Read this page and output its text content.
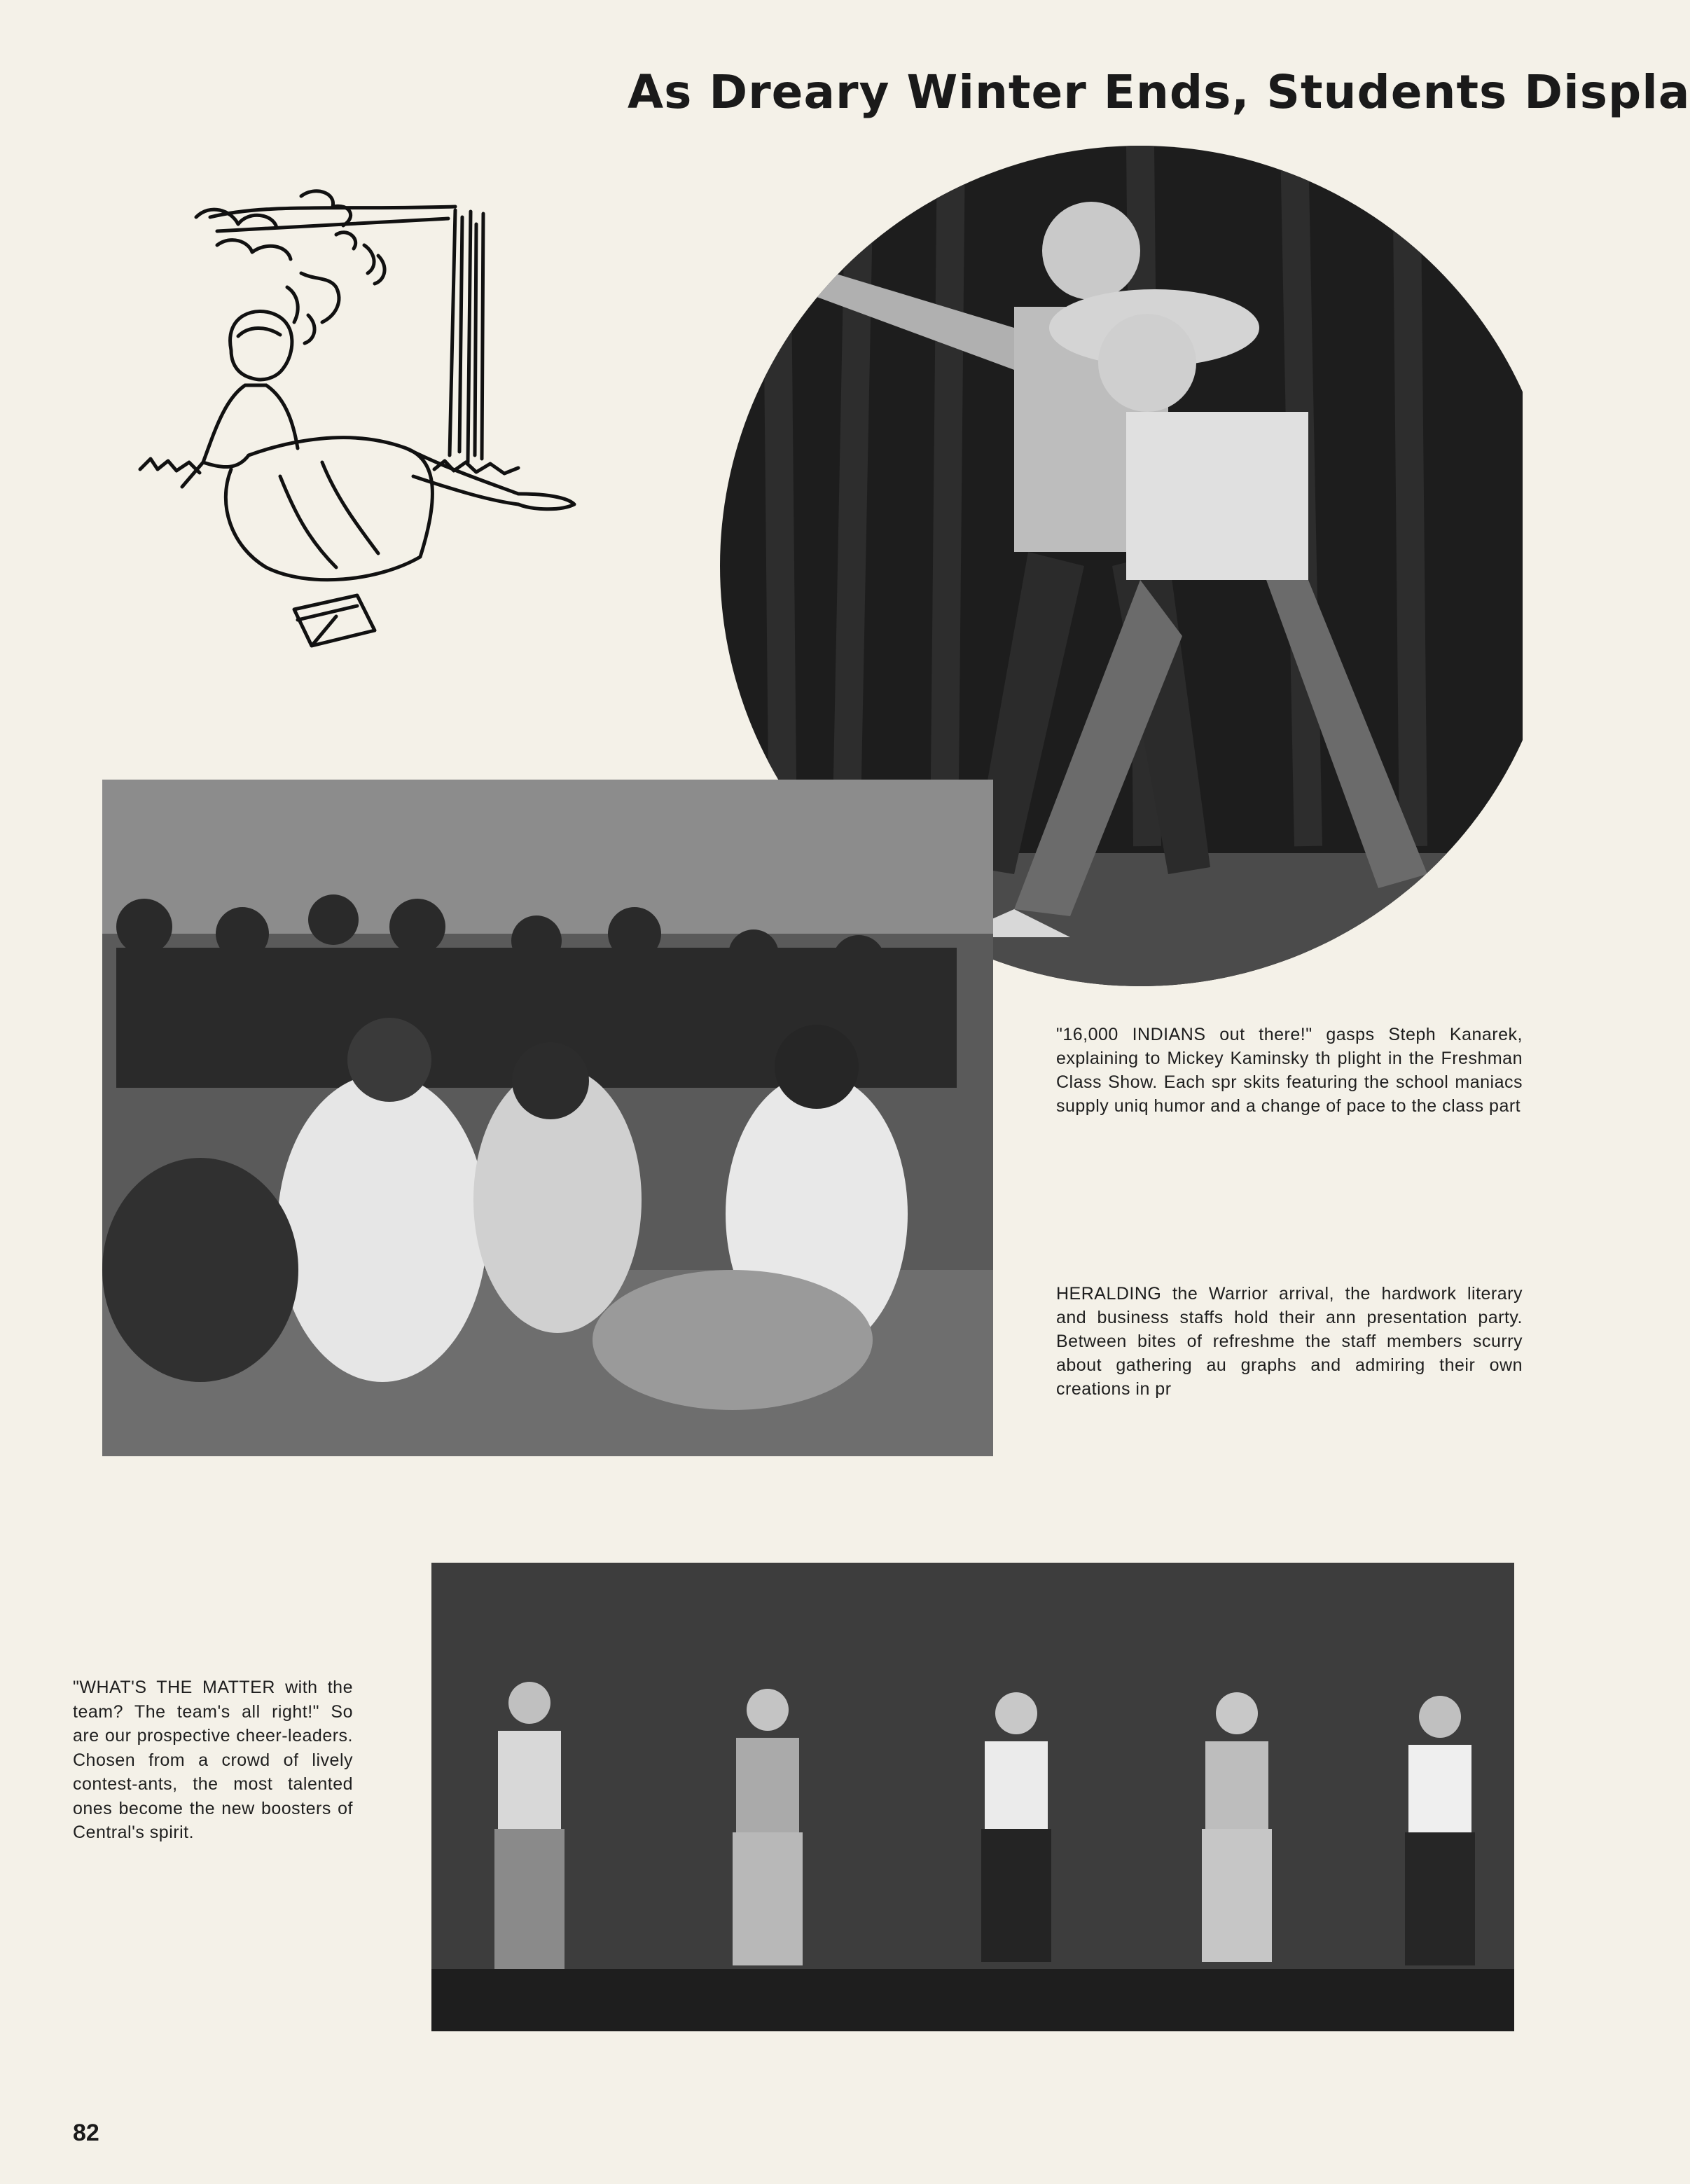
As Dreary Winter Ends, Students Displa
"16,000 INDIANS out there!" gasps Steph Kanarek, explaining to Mickey Kaminsky th plight in the Freshman Class Show. Each spr skits featuring the school maniacs supply uniq humor and a change of pace to the class part
HERALDING the Warrior arrival, the hardwork literary and business staffs hold their ann presentation party. Between bites of refreshme the staff members scurry about gathering au graphs and admiring their own creations in pr
"WHAT'S THE MATTER with the team? The team's all right!" So are our prospective cheer-leaders. Chosen from a crowd of lively contest-ants, the most talented ones become the new boosters of Central's spirit.
82
